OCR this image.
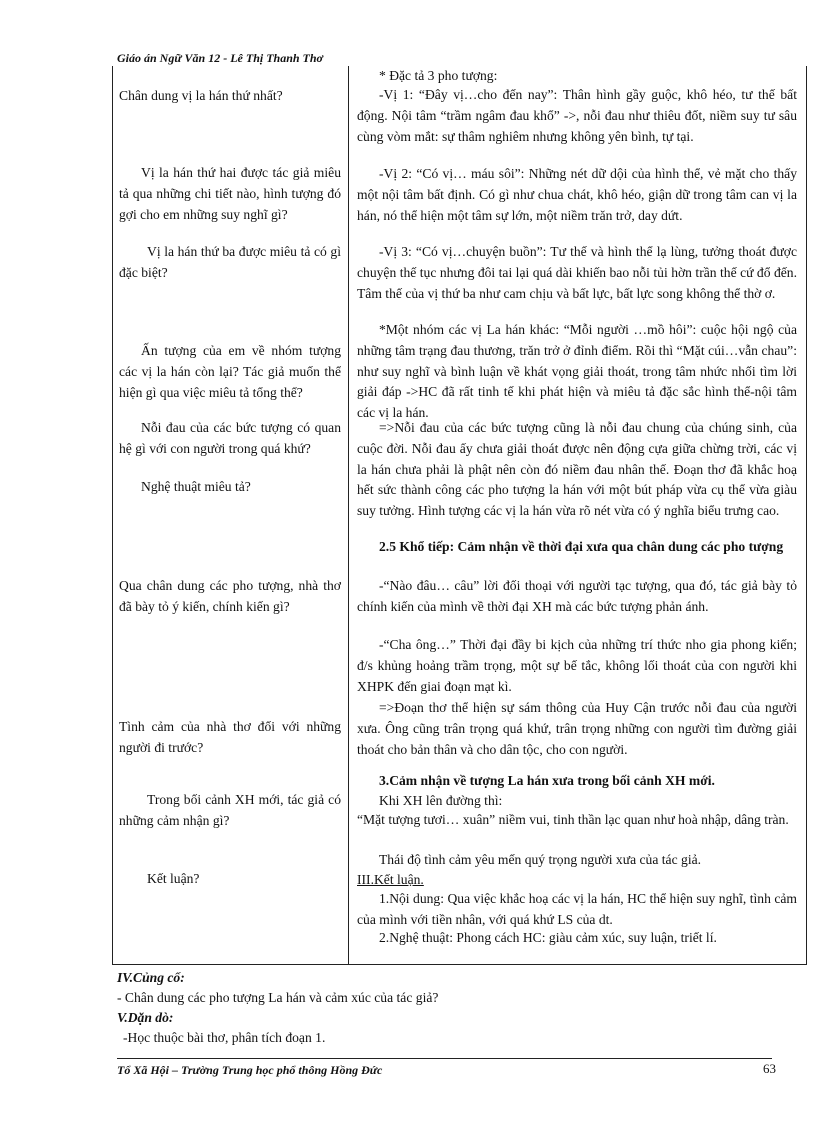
Giáo án Ngữ Văn 12 - Lê Thị Thanh Thơ
Chân dung vị la hán thứ nhất?
Vị la hán thứ hai được tác giả miêu tả qua những chi tiết nào, hình tượng đó gợi cho em những suy nghĩ gì?
Vị la hán thứ ba được miêu tả có gì đặc biệt?
Ấn tượng của em về nhóm tượng các vị la hán còn lại? Tác giả muốn thể hiện gì qua việc miêu tả tổng thể?
Nỗi đau của các bức tượng có quan hệ gì với con người trong quá khứ?
Nghệ thuật miêu tả?
Qua chân dung các pho tượng, nhà thơ đã bày tỏ ý kiến, chính kiến gì?
Tình cảm của nhà thơ đối với những người đi trước?
Trong bối cảnh XH mới, tác giả có những cảm nhận gì?
Kết luận?
* Đặc tả 3 pho tượng:
-Vị 1: “Đây vị…cho đến nay”: Thân hình gầy guộc, khô héo, tư thế bất động. Nội tâm “trầm ngâm đau khổ” ->, nỗi đau như thiêu đốt, niềm suy tư sâu cùng vòm mắt: sự thâm nghiêm nhưng không yên bình, tự tại.
-Vị 2: “Có vị… máu sôi”: Những nét dữ dội của hình thể, vẻ mặt cho thấy một nội tâm bất định. Có gì như chua chát, khô héo, giận dữ trong tâm can vị la hán, nó thể hiện một tâm sự lớn, một niềm trăn trở, day dứt.
-Vị 3: “Có vị…chuyện buồn”: Tư thế và hình thể lạ lùng, tưởng thoát được chuyện thế tục nhưng đôi tai lại quá dài khiến bao nỗi tủi hờn trần thế cứ đổ đến. Tâm thế của vị thứ ba như cam chịu và bất lực, bất lực song không thể thờ ơ.
*Một nhóm các vị La hán khác: “Mỗi người …mồ hôi”: cuộc hội ngộ của những tâm trạng đau thương, trăn trở ở đỉnh điểm. Rồi thì “Mặt cúi…vẫn chau”: như suy nghĩ và bình luận về khát vọng giải thoát, trong tâm nhức nhối tìm lời giải đáp ->HC đã rất tinh tế khi phát hiện và miêu tả đặc sắc hình thể-nội tâm các vị la hán.
=>Nỗi đau của các bức tượng cũng là nỗi đau chung của chúng sinh, của cuộc đời. Nỗi đau ấy chưa giải thoát được nên động cựa giữa chừng trời, các vị la hán chưa phải là phật nên còn đó niềm đau nhân thế. Đoạn thơ đã khắc hoạ hết sức thành công các pho tượng la hán với một bút pháp vừa cụ thể vừa giàu suy tưởng. Hình tượng các vị la hán vừa rõ nét vừa có ý nghĩa biểu trưng cao.
2.5 Khổ tiếp: Cảm nhận về thời đại xưa qua chân dung các pho tượng
-“Nào đâu… câu” lời đối thoại với người tạc tượng, qua đó, tác giả bày tỏ chính kiến của mình về thời đại XH mà các bức tượng phản ánh.
-“Cha ông…” Thời đại đầy bi kịch của những trí thức nho gia phong kiến; đ/s khủng hoảng trầm trọng, một sự bế tắc, không lối thoát của con người khi XHPK đến giai đoạn mạt kì.
=>Đoạn thơ thể hiện sự sám thông của Huy Cận trước nỗi đau của người xưa. Ông cũng trân trọng quá khứ, trân trọng những con người tìm đường giải thoát cho bản thân và cho dân tộc, cho con người.
3.Cảm nhận về tượng La hán xưa trong bối cảnh XH mới.
Khi XH lên đường thì:
“Mặt tượng tươi… xuân” niềm vui, tinh thần lạc quan như hoà nhập, dâng tràn.
Thái độ tình cảm yêu mến quý trọng người xưa của tác giả.
III.Kết luận.
1.Nội dung: Qua việc khắc hoạ các vị la hán, HC thể hiện suy nghĩ, tình cảm của mình với tiền nhân, với quá khứ LS của dt.
2.Nghệ thuật: Phong cách HC: giàu cảm xúc, suy luận, triết lí.
IV.Củng cố:
- Chân dung các pho tượng La hán và cảm xúc của tác giả?
V.Dặn dò:
-Học thuộc bài thơ, phân tích đoạn 1.
Tổ Xã Hội – Trường Trung học phổ thông Hồng Đức	63
